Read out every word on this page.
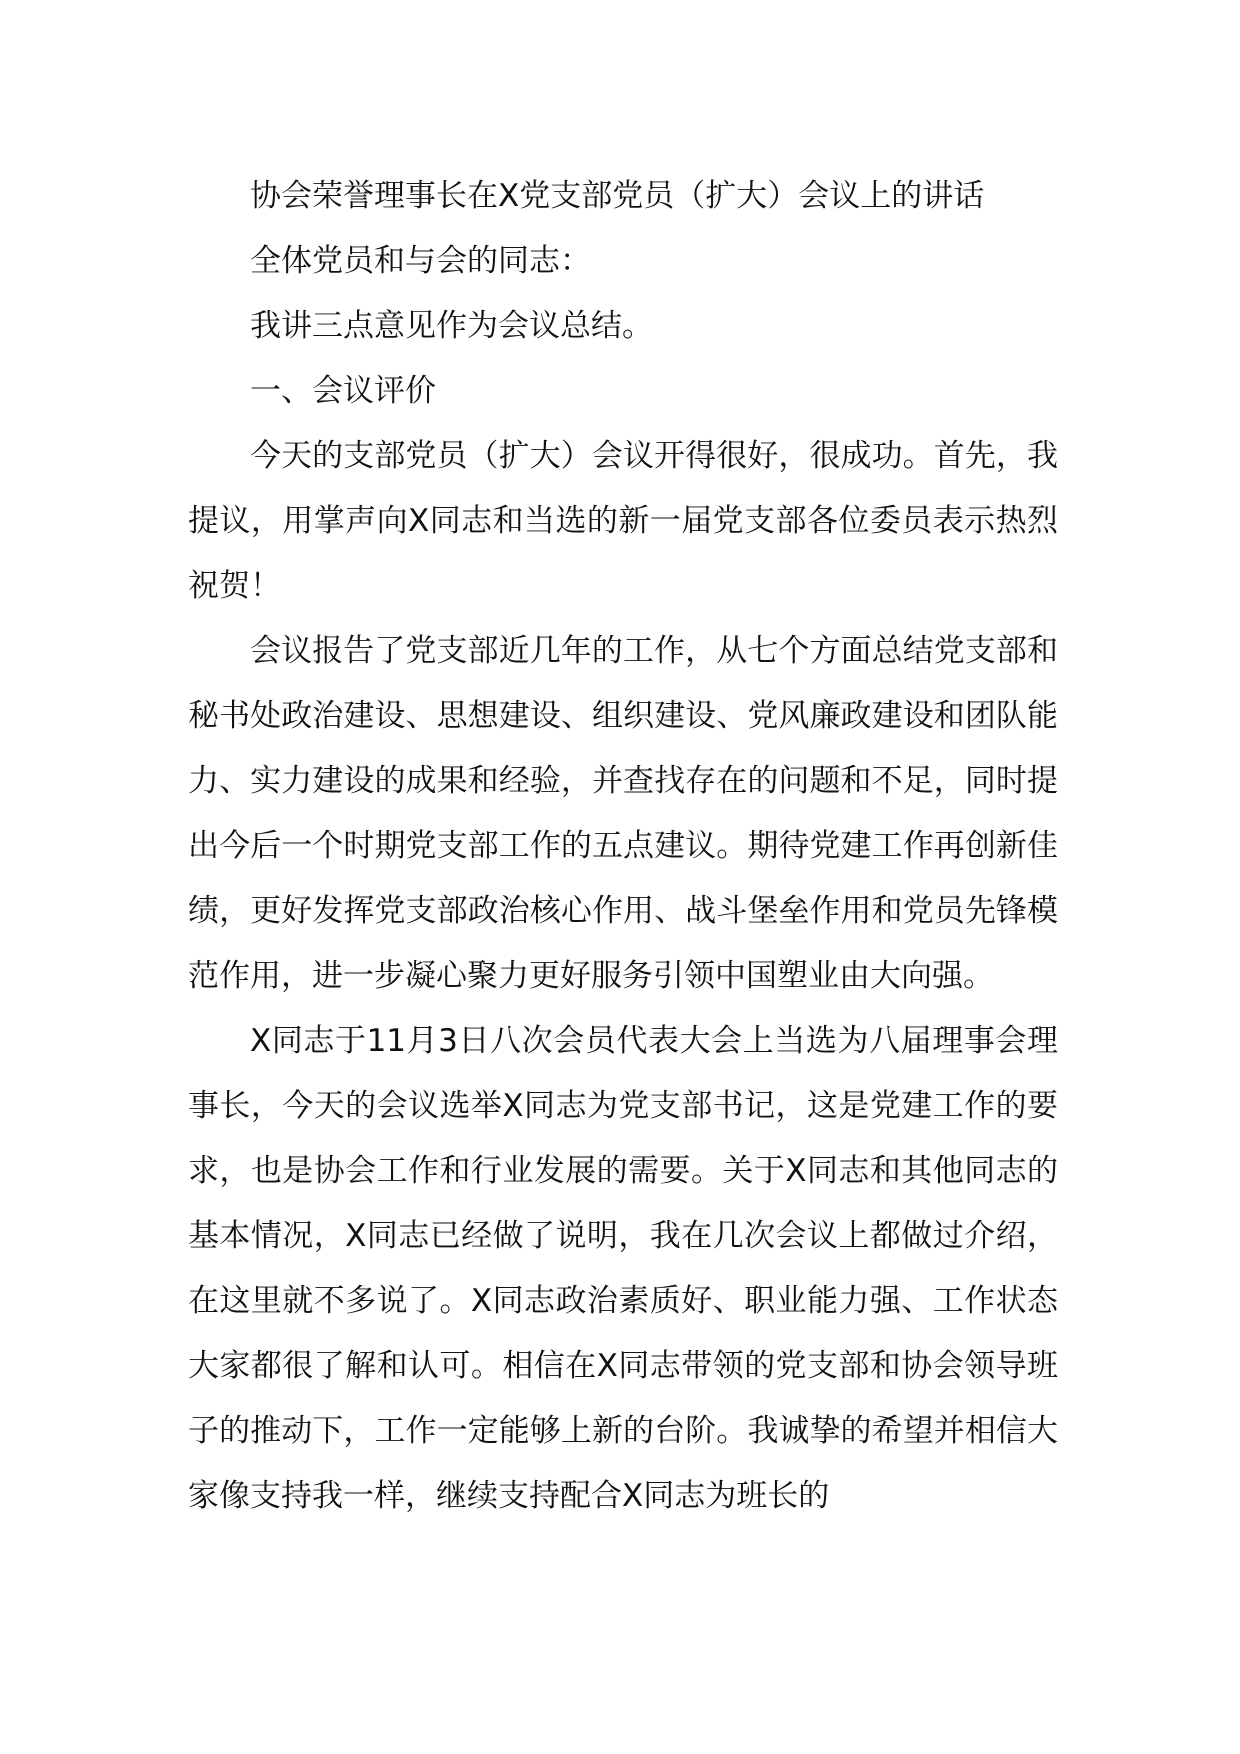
协会荣誉理事长在X党支部党员（扩大）会议上的讲话

全体党员和与会的同志：

我讲三点意见作为会议总结。

一、会议评价

今天的支部党员（扩大）会议开得很好，很成功。首先，我提议，用掌声向X同志和当选的新一届党支部各位委员表示热烈祝贺！

会议报告了党支部近几年的工作，从七个方面总结党支部和秘书处政治建设、思想建设、组织建设、党风廉政建设和团队能力、实力建设的成果和经验，并查找存在的问题和不足，同时提出今后一个时期党支部工作的五点建议。期待党建工作再创新佳绩，更好发挥党支部政治核心作用、战斗堡垒作用和党员先锋模范作用，进一步凝心聚力更好服务引领中国塑业由大向强。

X同志于11月3日八次会员代表大会上当选为八届理事会理事长，今天的会议选举X同志为党支部书记，这是党建工作的要求，也是协会工作和行业发展的需要。关于X同志和其他同志的基本情况，X同志已经做了说明，我在几次会议上都做过介绍，在这里就不多说了。X同志政治素质好、职业能力强、工作状态大家都很了解和认可。相信在X同志带领的党支部和协会领导班子的推动下，工作一定能够上新的台阶。我诚挚的希望并相信大家像支持我一样，继续支持配合X同志为班长的
